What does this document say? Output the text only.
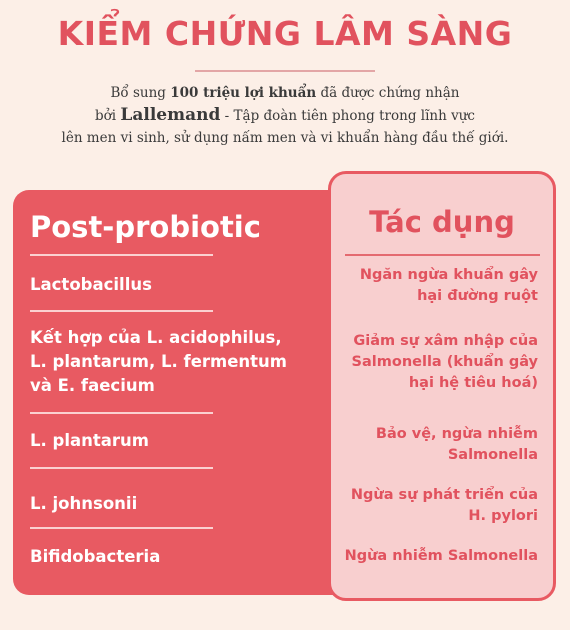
KIỂM CHỨNG LÂM SÀNG
Bổ sung 100 triệu lợi khuẩn đã được chứng nhận
bởi Lallemand - Tập đoàn tiên phong trong lĩnh vực
lên men vi sinh, sử dụng nấm men và vi khuẩn hàng đầu thế giới.
Post-probiotic	Tác dụng
Lactobacillus
Kết hợp của L. acidophilus, L. plantarum, L. fermentum và E. faecium
L. plantarum
L. johnsonii
Bifidobacteria
Ngăn ngừa khuẩn gây hại đường ruột
Giảm sự xâm nhập của Salmonella (khuẩn gây hại hệ tiêu hoá)
Bảo vệ, ngừa nhiễm Salmonella
Ngừa sự phát triển của H. pylori
Ngừa nhiễm Salmonella
